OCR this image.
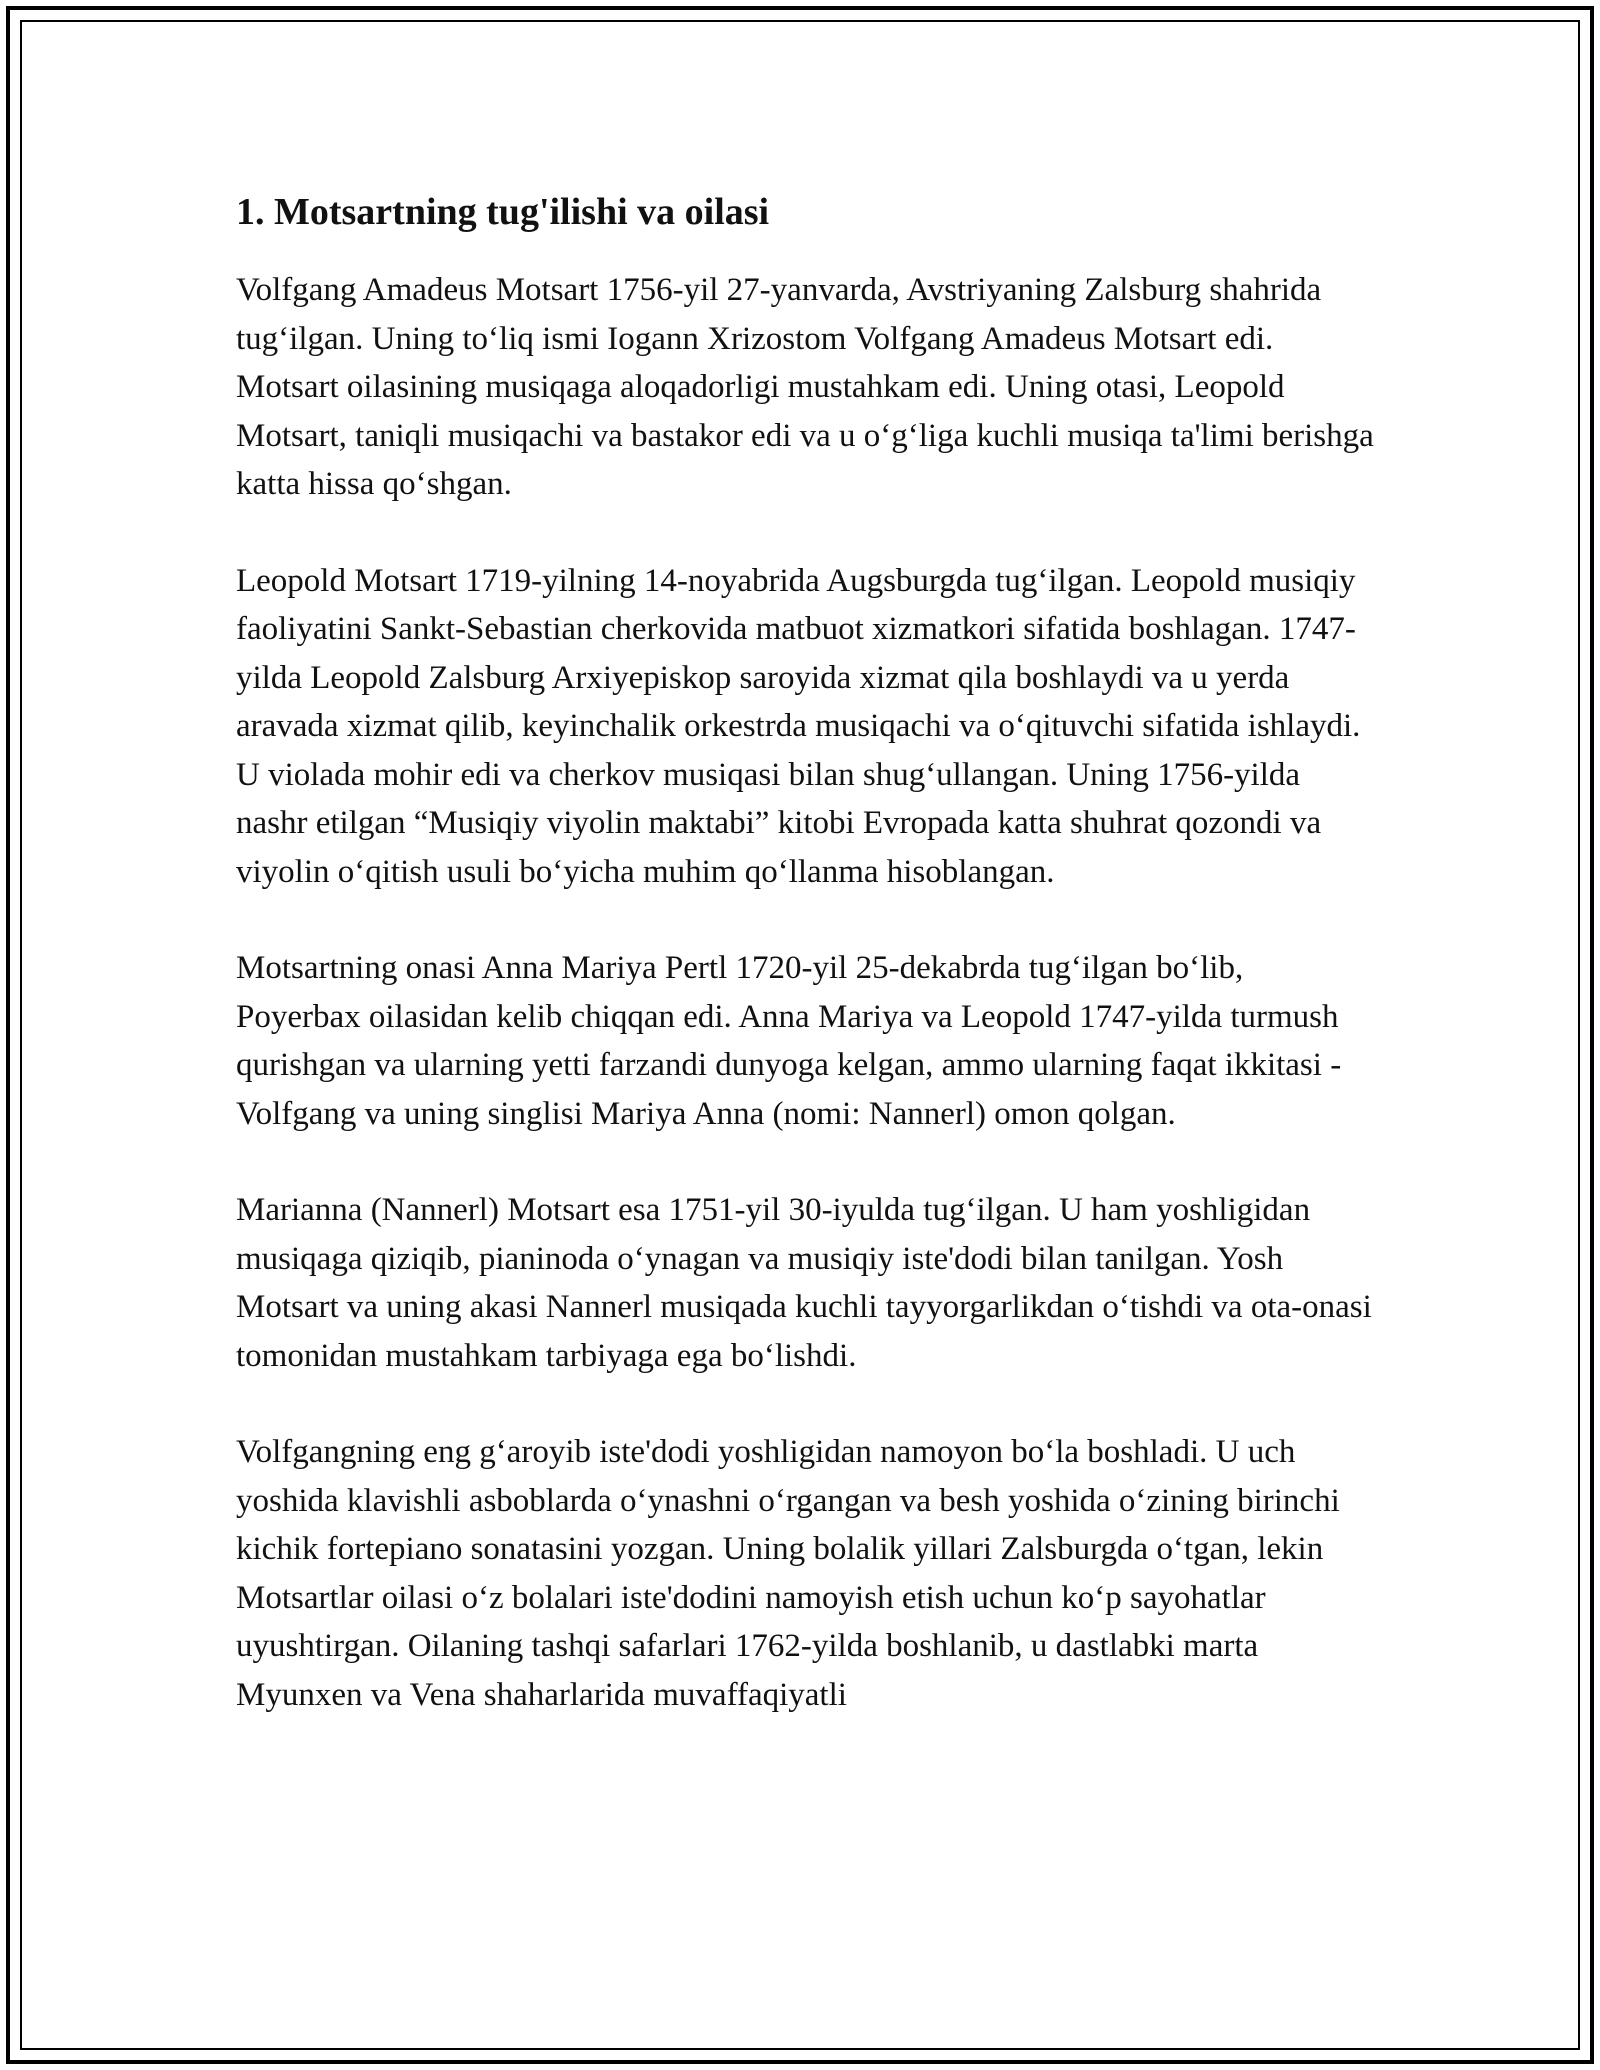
1. Motsartning tug'ilishi va oilasi

Volfgang Amadeus Motsart 1756-yil 27-yanvarda, Avstriyaning Zalsburg shahrida tug‘ilgan. Uning to‘liq ismi Iogann Xrizostom Volfgang Amadeus Motsart edi. Motsart oilasining musiqaga aloqadorligi mustahkam edi. Uning otasi, Leopold Motsart, taniqli musiqachi va bastakor edi va u o‘g‘liga kuchli musiqa ta'limi berishga katta hissa qo‘shgan.

Leopold Motsart 1719-yilning 14-noyabrida Augsburgda tug‘ilgan. Leopold musiqiy faoliyatini Sankt-Sebastian cherkovida matbuot xizmatkori sifatida boshlagan. 1747-yilda Leopold Zalsburg Arxiyepiskop saroyida xizmat qila boshlaydi va u yerda aravada xizmat qilib, keyinchalik orkestrda musiqachi va o‘qituvchi sifatida ishlaydi. U violada mohir edi va cherkov musiqasi bilan shug‘ullangan. Uning 1756-yilda nashr etilgan “Musiqiy viyolin maktabi” kitobi Evropada katta shuhrat qozondi va viyolin o‘qitish usuli bo‘yicha muhim qo‘llanma hisoblangan.

Motsartning onasi Anna Mariya Pertl 1720-yil 25-dekabrda tug‘ilgan bo‘lib, Poyerbax oilasidan kelib chiqqan edi. Anna Mariya va Leopold 1747-yilda turmush qurishgan va ularning yetti farzandi dunyoga kelgan, ammo ularning faqat ikkitasi - Volfgang va uning singlisi Mariya Anna (nomi: Nannerl) omon qolgan.

Marianna (Nannerl) Motsart esa 1751-yil 30-iyulda tug‘ilgan. U ham yoshligidan musiqaga qiziqib, pianinoda o‘ynagan va musiqiy iste'dodi bilan tanilgan. Yosh Motsart va uning akasi Nannerl musiqada kuchli tayyorgarlikdan o‘tishdi va ota-onasi tomonidan mustahkam tarbiyaga ega bo‘lishdi.

Volfgangning eng g‘aroyib iste'dodi yoshligidan namoyon bo‘la boshladi. U uch yoshida klavishli asboblarda o‘ynashni o‘rgangan va besh yoshida o‘zining birinchi kichik fortepiano sonatasini yozgan. Uning bolalik yillari Zalsburgda o‘tgan, lekin Motsartlar oilasi o‘z bolalari iste'dodini namoyish etish uchun ko‘p sayohatlar uyushtirgan. Oilaning tashqi safarlari 1762-yilda boshlanib, u dastlabki marta Myunxen va Vena shaharlarida muvaffaqiyatli
